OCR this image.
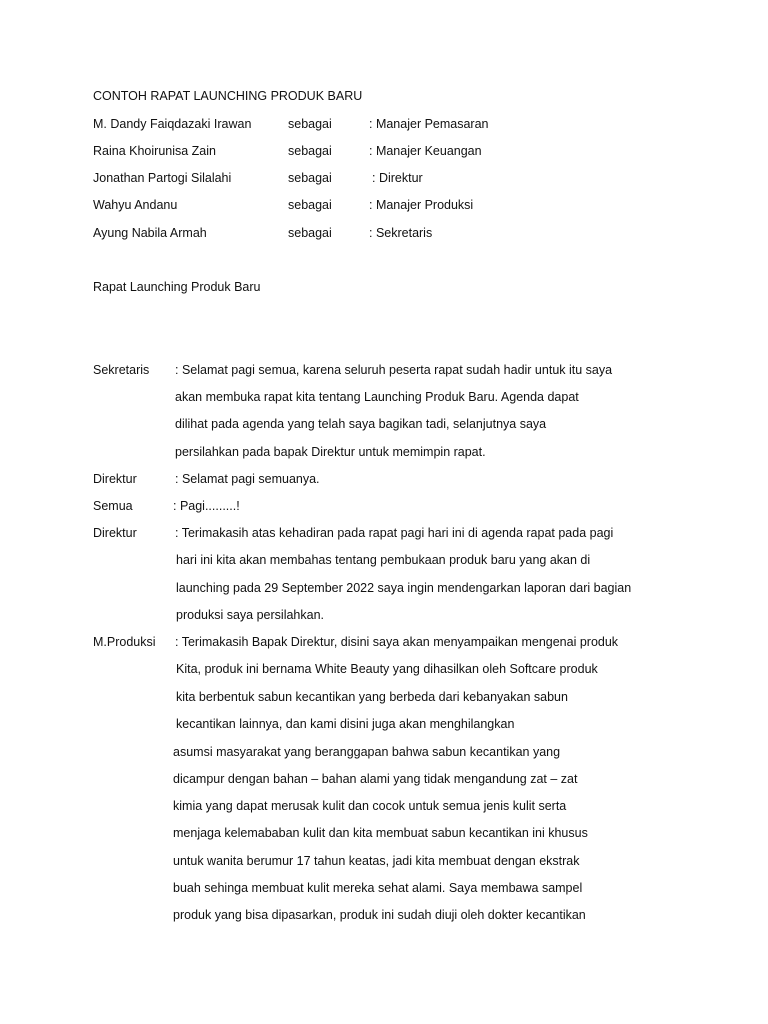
CONTOH RAPAT LAUNCHING PRODUK BARU
M. Dandy Faiqdazaki Irawan	sebagai	: Manajer Pemasaran
Raina Khoirunisa Zain	sebagai	: Manajer Keuangan
Jonathan Partogi Silalahi	sebagai	: Direktur
Wahyu Andanu	sebagai	: Manajer Produksi
Ayung Nabila Armah	sebagai	: Sekretaris
Rapat Launching Produk Baru
Sekretaris : Selamat pagi semua, karena seluruh peserta rapat sudah hadir untuk itu saya
akan membuka rapat kita tentang Launching Produk Baru. Agenda dapat
dilihat pada agenda yang telah saya bagikan tadi, selanjutnya saya
persilahkan pada bapak Direktur untuk memimpin rapat.
Direktur	: Selamat pagi semuanya.
Semua	: Pagi.........!
Direktur	: Terimakasih atas kehadiran pada rapat pagi hari ini di agenda rapat pada pagi
hari ini kita akan membahas tentang pembukaan produk baru yang akan di
launching pada 29 September 2022 saya ingin mendengarkan laporan dari bagian
produksi saya persilahkan.
M.Produksi : Terimakasih Bapak Direktur, disini saya akan menyampaikan mengenai produk
Kita, produk ini bernama White Beauty yang dihasilkan oleh Softcare produk
kita berbentuk sabun kecantikan yang berbeda dari kebanyakan sabun
kecantikan lainnya, dan kami disini juga akan menghilangkan
asumsi masyarakat yang beranggapan bahwa sabun kecantikan yang
dicampur dengan bahan – bahan alami yang tidak mengandung zat – zat
kimia yang dapat merusak kulit dan cocok untuk semua jenis kulit serta
menjaga kelemababan kulit dan kita membuat sabun kecantikan ini khusus
untuk wanita berumur 17 tahun keatas, jadi kita membuat dengan ekstrak
buah sehinga membuat kulit mereka sehat alami. Saya membawa sampel
produk yang bisa dipasarkan, produk ini sudah diuji oleh dokter kecantikan
